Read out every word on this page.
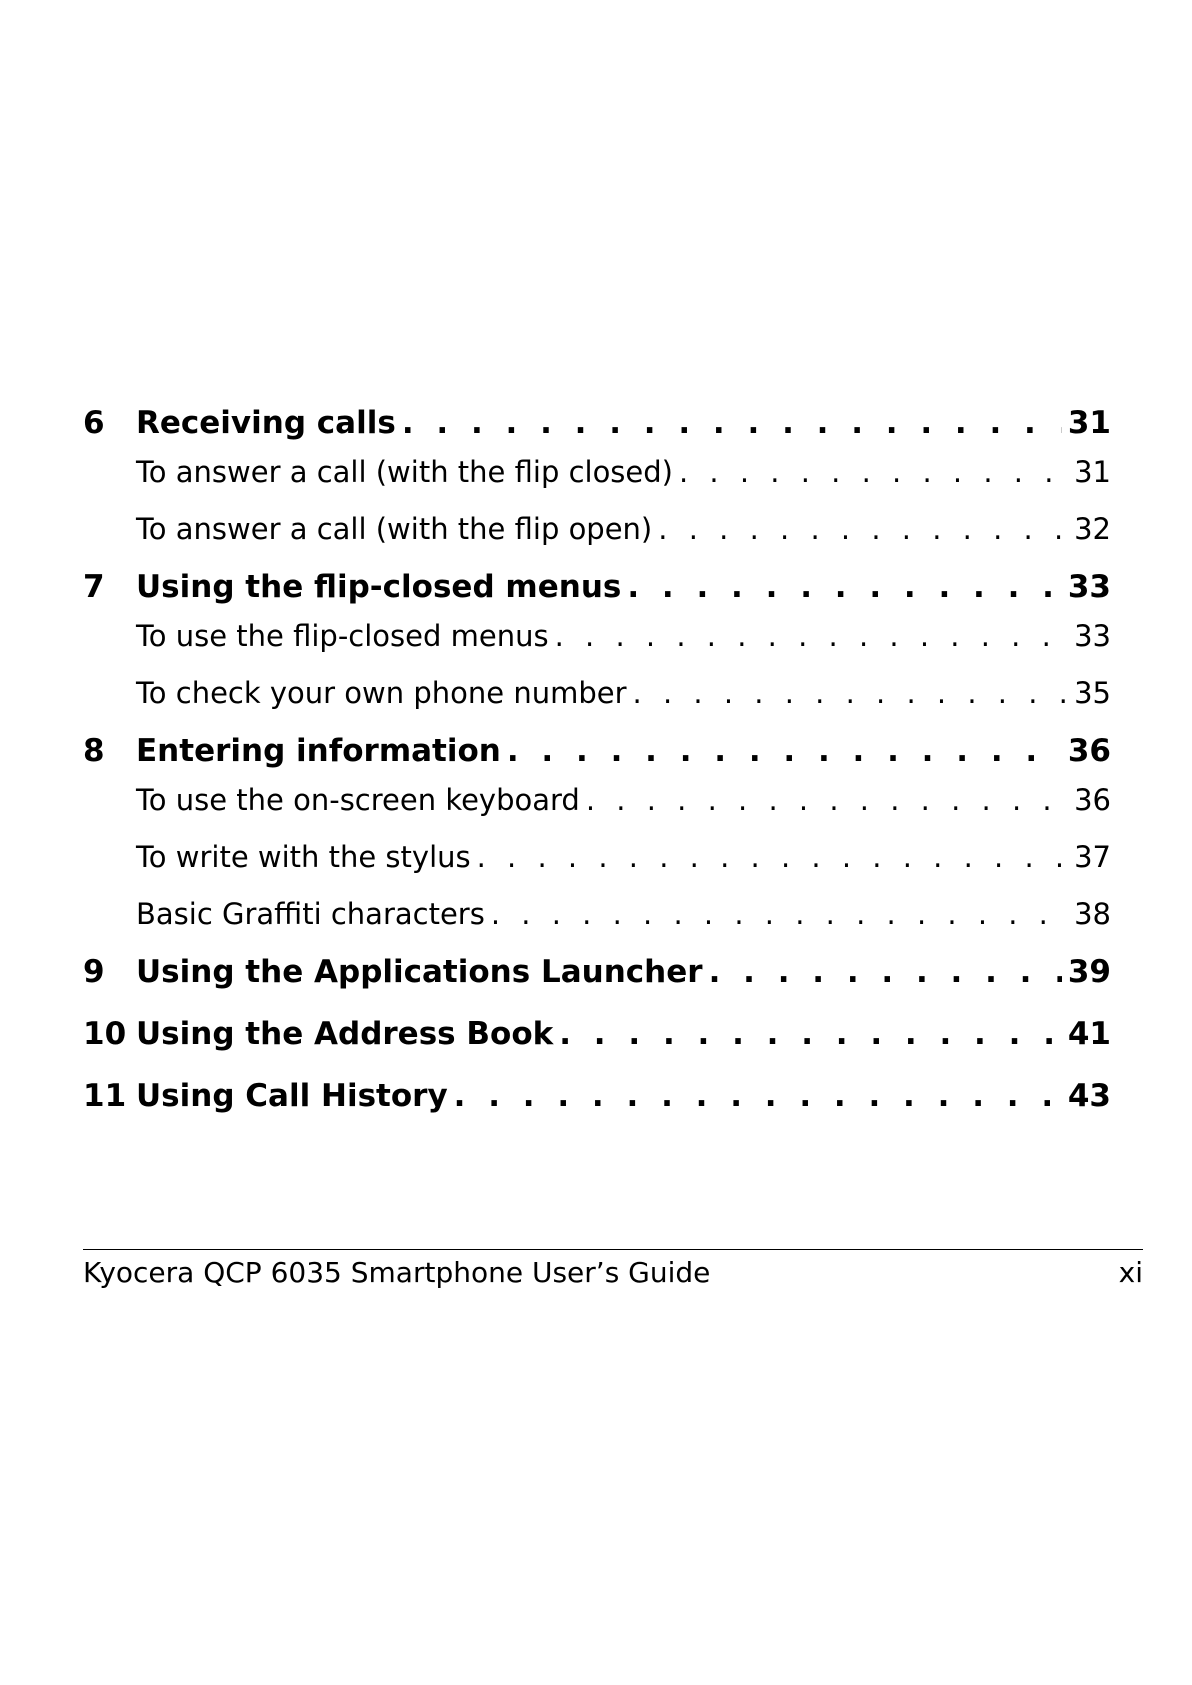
6	Receiving calls . . .	31
To answer a call (with the flip closed) . . .	31
To answer a call (with the flip open) . . .	32
7	Using the flip-closed menus . . .	33
To use the flip-closed menus . . .	33
To check your own phone number . . .	35
8	Entering information . . .	36
To use the on-screen keyboard . . .	36
To write with the stylus . . .	37
Basic Graffiti characters . . .	38
9	Using the Applications Launcher . . .	39
10 Using the Address Book . . .	41
11 Using Call History . . .	43
Kyocera QCP 6035 Smartphone User’s Guide	xi
